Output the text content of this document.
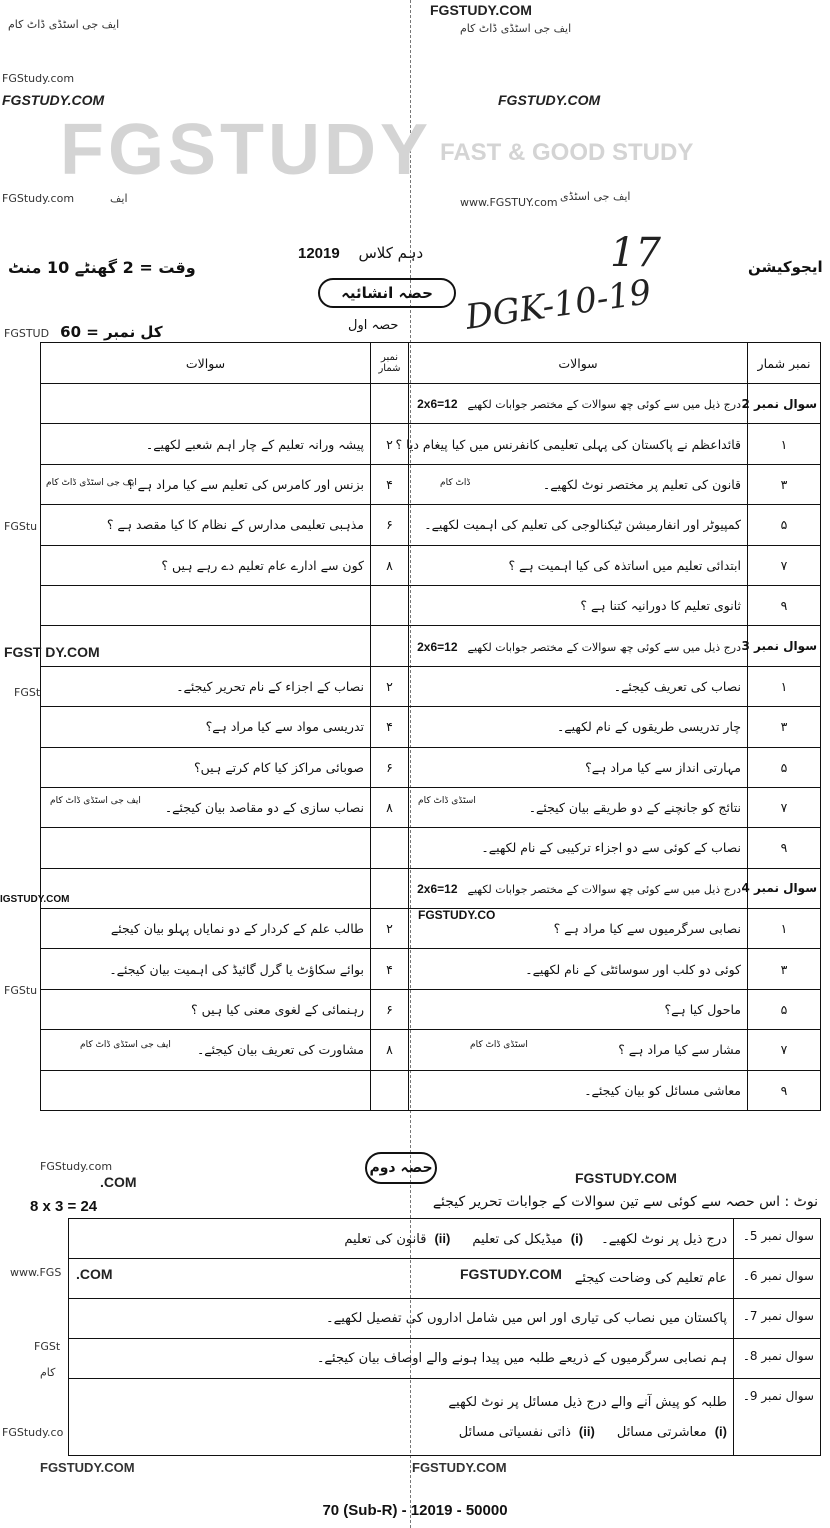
FGSTUDY FAST & GOOD STUDY
ایف جی اسٹڈی ڈاٹ کام
FGSTUDY.COM
ایف جی اسٹڈی ڈاٹ کام
FGStudy.com
FGSTUDY.COM	FGSTUDY.COM
FGStudy.com	ایف	www.FGSTUY.com ایف جی اسٹڈی
12019 دہم کلاس
وقت = 2 گھنٹے 10 منٹ	ایجوکیشن
حصہ انشائیہ DGK-10-19
17
FGSTUD کل نمبر = 60	حصہ اول
سوالات	نمبر شمار	سوالات	نمبر شمار
		درج ذیل میں سے کوئی چھ سوالات کے مختصر جوابات لکھیے2x6=12	سوال نمبر 2
پیشہ ورانہ تعلیم کے چار اہم شعبے لکھیے۔	۲	قائداعظم نے پاکستان کی پہلی تعلیمی کانفرنس میں کیا پیغام دیا ؟	۱
بزنس اور کامرس کی تعلیم سے کیا مراد ہے ؟	۴	قانون کی تعلیم پر مختصر نوٹ لکھیے۔	۳
مذہبی تعلیمی مدارس کے نظام کا کیا مقصد ہے ؟	۶	کمپیوٹر اور انفارمیشن ٹیکنالوجی کی تعلیم کی اہمیت لکھیے۔	۵
کون سے ادارے عام تعلیم دے رہے ہیں ؟	۸	ابتدائی تعلیم میں اساتذہ کی کیا اہمیت ہے ؟	۷
		ثانوی تعلیم کا دورانیہ کتنا ہے ؟	۹
		درج ذیل میں سے کوئی چھ سوالات کے مختصر جوابات لکھیے2x6=12	سوال نمبر 3
نصاب کے اجزاء کے نام تحریر کیجئے۔	۲	نصاب کی تعریف کیجئے۔	۱
تدریسی مواد سے کیا مراد ہے؟	۴	چار تدریسی طریقوں کے نام لکھیے۔	۳
صوبائی مراکز کیا کام کرتے ہیں؟	۶	مہارتی انداز سے کیا مراد ہے؟	۵
نصاب سازی کے دو مقاصد بیان کیجئے۔	۸	نتائج کو جانچنے کے دو طریقے بیان کیجئے۔	۷
		نصاب کے کوئی سے دو اجزاء ترکیبی کے نام لکھیے۔	۹
		درج ذیل میں سے کوئی چھ سوالات کے مختصر جوابات لکھیے2x6=12	سوال نمبر 4
طالب علم کے کردار کے دو نمایاں پہلو بیان کیجئے	۲	نصابی سرگرمیوں سے کیا مراد ہے ؟	۱
بوائے سکاؤٹ یا گرل گائیڈ کی اہمیت بیان کیجئے۔	۴	کوئی دو کلب اور سوسائٹی کے نام لکھیے۔	۳
رہنمائی کے لغوی معنی کیا ہیں ؟	۶	ماحول کیا ہے؟	۵
مشاورت کی تعریف بیان کیجئے۔	۸	مشار سے کیا مراد ہے ؟	۷
		معاشی مسائل کو بیان کیجئے۔	۹
FGStu
FGST DY.COM
FGSt
FGStu
ایف جی اسٹڈی ڈاٹ کام	ڈاٹ کام
ایف جی اسٹڈی ڈاٹ کام	اسٹڈی ڈاٹ کام
ایف جی اسٹڈی ڈاٹ کام	اسٹڈی ڈاٹ کام
FGSTUDY.CO
IGSTUDY.COM
حصہ دوم
FGStudy.com
.COM	FGSTUDY.COM
8 x 3 = 24	نوٹ : اس حصہ سے کوئی سے تین سوالات کے جوابات تحریر کیجئے
درج ذیل پر نوٹ لکھیے۔(i)میڈیکل کی تعلیم(ii)قانون کی تعلیم	سوال نمبر 5۔
عام تعلیم کی وضاحت کیجئے	سوال نمبر 6۔
پاکستان میں نصاب کی تیاری اور اس میں شامل اداروں کی تفصیل لکھیے۔	سوال نمبر 7۔
ہم نصابی سرگرمیوں کے ذریعے طلبہ میں پیدا ہونے والے اوصاف بیان کیجئے۔	سوال نمبر 8۔
طلبہ کو پیش آنے والے درج ذیل مسائل پر نوٹ لکھیے
(i)معاشرتی مسائل(ii)ذاتی نفسیاتی مسائل	سوال نمبر 9۔
www.FGS .COM	FGSTUDY.COM
FGSt
کام
FGStudy.co
FGSTUDY.COM	FGSTUDY.COM
70 (Sub-R) - 12019 - 50000
